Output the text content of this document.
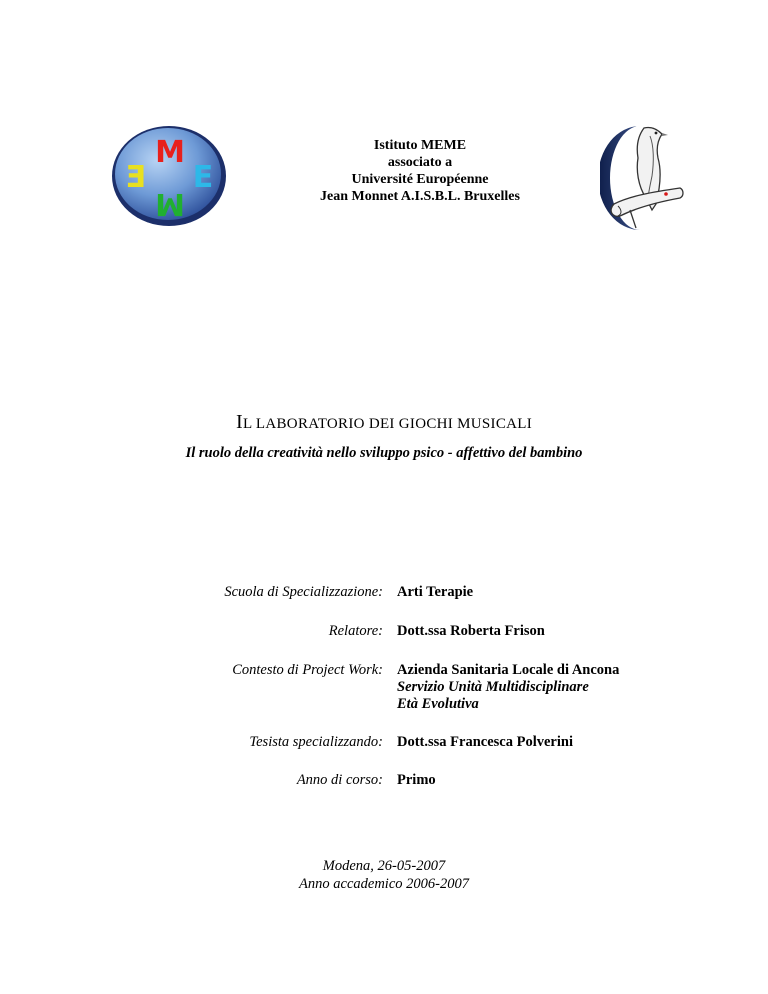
M
E
E
M
Istituto MEME
associato a
Université Européenne
Jean Monnet A.I.S.B.L. Bruxelles
IL LABORATORIO DEI GIOCHI MUSICALI
Il ruolo della creatività nello sviluppo psico - affettivo del bambino
Scuola di Specializzazione: Arti Terapie
Relatore: Dott.ssa Roberta Frison
Contesto di Project Work: Azienda Sanitaria Locale di Ancona
Servizio Unità Multidisciplinare
Età Evolutiva
Tesista specializzando: Dott.ssa Francesca Polverini
Anno di corso: Primo
Modena, 26-05-2007
Anno accademico 2006-2007
